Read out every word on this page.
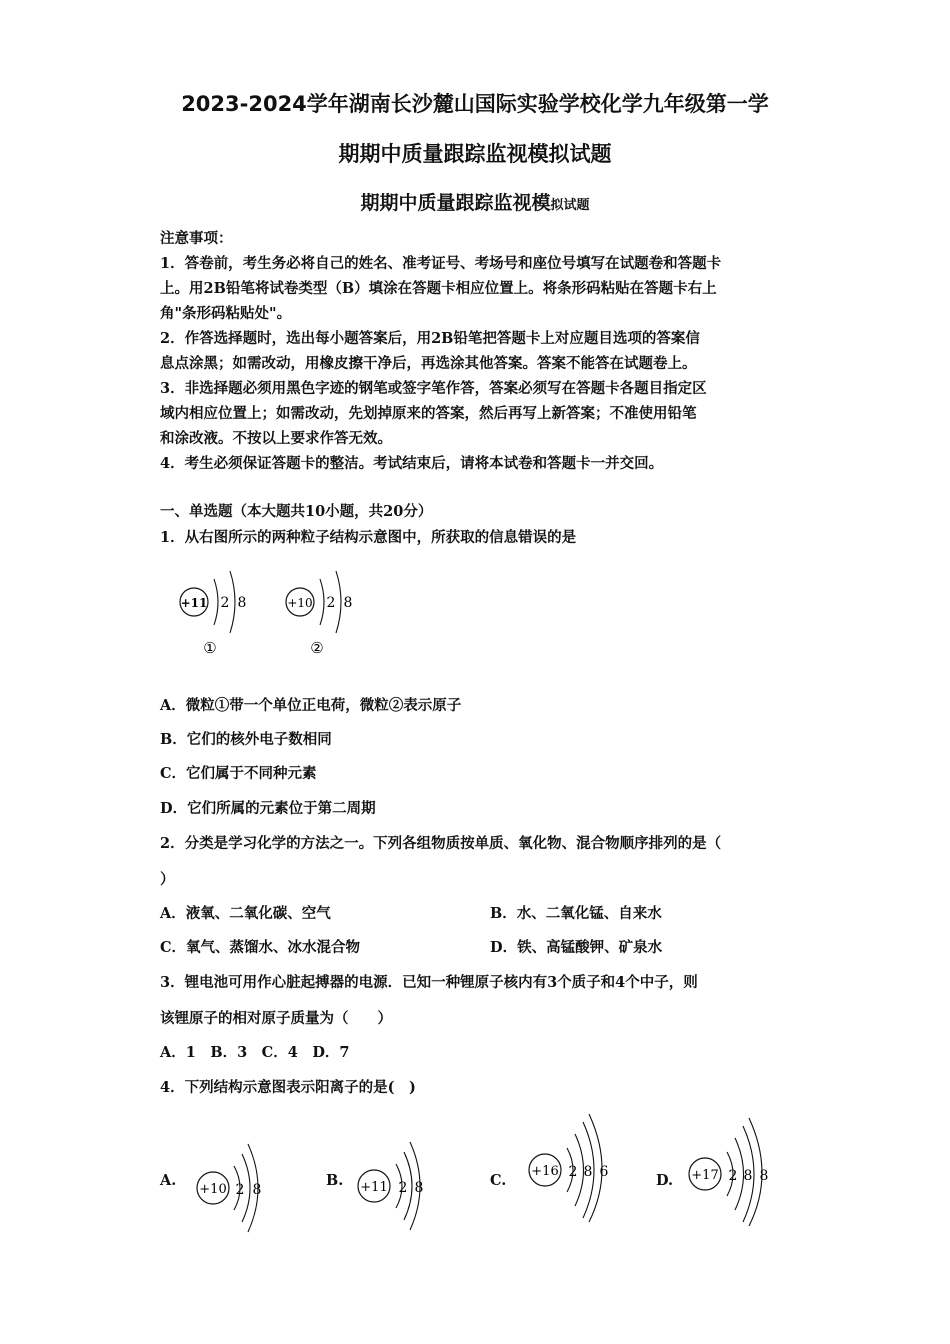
2023-2024学年湖南长沙麓山国际实验学校化学九年级第一学
期期中质量跟踪监视模拟试题
期期中质量跟踪监视模拟试题
注意事项：
1．答卷前，考生务必将自己的姓名、准考证号、考场号和座位号填写在试题卷和答题卡
上。用2B铅笔将试卷类型（B）填涂在答题卡相应位置上。将条形码粘贴在答题卡右上
角"条形码粘贴处"。
2．作答选择题时，选出每小题答案后，用2B铅笔把答题卡上对应题目选项的答案信
息点涂黑；如需改动，用橡皮擦干净后，再选涂其他答案。答案不能答在试题卷上。
3．非选择题必须用黑色字迹的钢笔或签字笔作答，答案必须写在答题卡各题目指定区
域内相应位置上；如需改动，先划掉原来的答案，然后再写上新答案；不准使用铅笔
和涂改液。不按以上要求作答无效。
4．考生必须保证答题卡的整洁。考试结束后，请将本试卷和答题卡一并交回。
一、单选题（本大题共10小题，共20分）
1．从右图所示的两种粒子结构示意图中，所获取的信息错误的是
+11 2 8
①
+10 2 8
②
A．微粒①带一个单位正电荷，微粒②表示原子
B．它们的核外电子数相同
C．它们属于不同种元素
D．它们所属的元素位于第二周期
2．分类是学习化学的方法之一。下列各组物质按单质、氧化物、混合物顺序排列的是（
）
A．液氧、二氧化碳、空气	B．水、二氧化锰、自来水
C．氧气、蒸馏水、冰水混合物	D．铁、高锰酸钾、矿泉水
3．锂电池可用作心脏起搏器的电源．已知一种锂原子核内有3个质子和4个中子，则
该锂原子的相对原子质量为（　　）
A．1　B．3　C．4　D．7
4．下列结构示意图表示阳离子的是(　)
A.
+10 2 8
B. +11 2 8	C.
+16 2 8 6	D. +17 2 8 8
